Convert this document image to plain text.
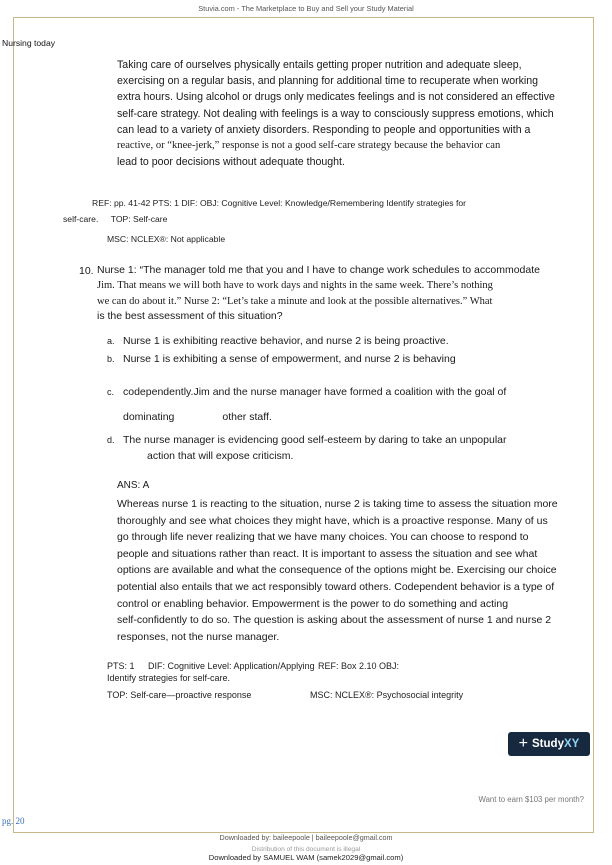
Stuvia.com - The Marketplace to Buy and Sell your Study Material
Nursing today
Taking care of ourselves physically entails getting proper nutrition and adequate sleep,
exercising on a regular basis, and planning for additional time to recuperate when working
extra hours. Using alcohol or drugs only medicates feelings and is not considered an effective
self-care strategy. Not dealing with feelings is a way to consciously suppress emotions, which
can lead to a variety of anxiety disorders. Responding to people and opportunities with a
reactive, or “knee-jerk,” response is not a good self-care strategy because the behavior can
lead to poor decisions without adequate thought.
REF: pp. 41-42 PTS: 1 DIF: OBJ: Cognitive Level: Knowledge/Remembering Identify strategies for
self-care. TOP: Self-care
MSC: NCLEX®: Not applicable
10. Nurse 1: “The manager told me that you and I have to change work schedules to accommodate
Jim. That means we will both have to work days and nights in the same week. There’s nothing
we can do about it.” Nurse 2: “Let’s take a minute and look at the possible alternatives.” What
is the best assessment of this situation?
a. Nurse 1 is exhibiting reactive behavior, and nurse 2 is being proactive.
b. Nurse 1 is exhibiting a sense of empowerment, and nurse 2 is behaving
c. codependently.Jim and the nurse manager have formed a coalition with the goal of
dominating	other staff.
d. The nurse manager is evidencing good self-esteem by daring to take an unpopular
action that will expose criticism.
ANS: A
Whereas nurse 1 is reacting to the situation, nurse 2 is taking time to assess the situation more
thoroughly and see what choices they might have, which is a proactive response. Many of us
go through life never realizing that we have many choices. You can choose to respond to
people and situations rather than react. It is important to assess the situation and see what
options are available and what the consequence of the options might be. Exercising our choice
potential also entails that we act responsibly toward others. Codependent behavior is a type of
control or enabling behavior. Empowerment is the power to do something and acting
self-confidently to do so. The question is asking about the assessment of nurse 1 and nurse 2
responses, not the nurse manager.
PTS: 1 DIF: Cognitive Level: Application/Applying REF: Box 2.10 OBJ:
Identify strategies for self-care.
TOP: Self-care—proactive response	MSC: NCLEX®: Psychosocial integrity
+ Study XY
Want to earn $103 per month?
pg. 20
Downloaded by: baileepoole | baileepoole@gmail.com
Distribution of this document is illegal
Downloaded by SAMUEL WAM (samek2029@gmail.com)
